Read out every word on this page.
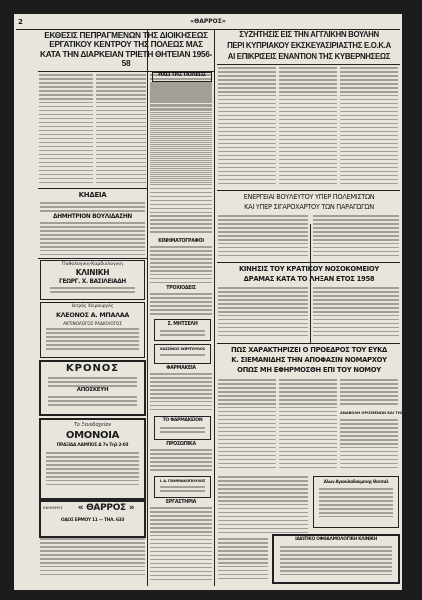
2	«ΘΑΡΡΟΣ»
ΕΚΘΕΣΙΣ ΠΕΠΡΑΓΜΕΝΩΝ ΤΗΣ ΔΙΟΙΚΗΣΕΩΣ ΕΡΓΑΤΙΚΟΥ ΚΕΝΤΡΟΥ ΤΗΣ ΠΟΛΕΩΣ ΜΑΣ ΚΑΤΑ ΤΗΝ ΔΙΑΡΚΕΙΑΝ ΤΡΙΕΤΗ ΘΗΤΕΙΑΝ 1956-58
ΚΗΔΕΙΑ
ΔΗΜΗΤΡΙΟΝ ΒΟΥΛΙΔΑΣΗΝ
Παθολογικη-Καρδιολογικη
ΚΛΙΝΙΚΗ
ΓΕΩΡΓ. Χ. ΒΑΣΙΛΕΙΑΔΗ
Ιατρός Χειρουργός
ΚΛΕΟΝΟΣ Α. ΜΠΑΛΑΑ
ΑΚΤΙΝΟΛΟΓΟΣ ΡΑΔΙΟΛΟΓΟΣ
ΚΡΟΝΟΣ
ΑΠΟΣΚΕΥΗ
Το Ξενοδοχείον
ΟΜΟΝΟΙΑ
ΠΡΑΞΙΑΔ ΛΑΜΠΟΣ Δ 7ν Τηλ 2-03
ΕΦΗΜΕΡΙΣ	« ΘΑΡΡΟΣ »
ΟΔΟΣ ΕΡΜΟΥ 11 — ΤΗΛ. 633
ΗΧΩ ΤΗΣ ΠΟΛΕΩΣ
ΚΙΝΗΜΑΤΟΓΡΑΦΟΙ
ΤΡΟΧΙΟΔΕΙΣ
Σ. ΜΗΤΣΕΛΗ
ΚΑΣΣΙΝΟΣ ΧΩΡΙΤΟΥΛΟΣ
ΦΑΡΜΑΚΕΙΑ
ΤΟ ΦΑΡΜΑΚΕΙΟΝ
ΠΡΟΣΩΠΙΚΑ
Ι. Δ. ΓΙΑΜΜΑΚΟΠΟΥΛΟΣ
ΕΡΓΑΣΤΗΡΙΑ
ΣΥΖΗΤΗΣΙΣ ΕΙΣ ΤΗΝ ΑΓΓΛΙΚΗΝ ΒΟΥΛΗΝ
ΠΕΡΙ ΚΥΠΡΙΑΚΟΥ ΕΚΣΚΕΥΑΣΙΡΙΑΣΤΗΣ Ε.Ο.Κ.Α
ΑΙ ΕΠΙΚΡΙΣΕΙΣ ΕΝΑΝΤΙΟΝ ΤΗΣ ΚΥΒΕΡΝΗΣΕΩΣ
ΕΝΕΡΓΕΙΑΙ ΒΟΥΛΕΥΤΟΥ ΥΠΕΡ ΠΟΛΕΜΙΣΤΩΝ
ΚΑΙ ΥΠΕΡ ΣΙΓΑΡΟΧΑΡΤΟΥ ΤΩΝ ΠΑΡΑΓΩΓΩΝ
ΚΙΝΗΣΙΣ ΤΟΥ ΚΡΑΤΙΚΟΥ ΝΟΣΟΚΟΜΕΙΟΥ
ΔΡΑΜΑΣ ΚΑΤΑ ΤΟ ΛΗΞΑΝ ΕΤΟΣ 1958
ΠΩΣ ΧΑΡΑΚΤΗΡΙΖΕΙ Ο ΠΡΟΕΔΡΟΣ ΤΟΥ ΕΥΚΔ
Κ. ΣΙΕΜΑΝΙΔΗΣ ΤΗΝ ΑΠΟΦΑΣΙΝ ΝΟΜΑΡΧΟΥ
ΟΠΩΣ ΜΗ ΕΦΗΡΜΟΣΘΗ ΕΠΙ ΤΟΥ ΝΟΜΟΥ
ΑΝΑΒΟΛΗ ΟΡΙΣΜΕΝΩΝ ΚΑΙ ΤΗΣ ΕΚΤΑΣΙΝ
Αλων Αγιοκλαιδανμενης Θεσσαλ
ΙΔΙΩΤΙΚΟ ΟΦΘΑΛΜΟΛΟΓΙΚΗ ΚΛΙΝΙΚΗ
